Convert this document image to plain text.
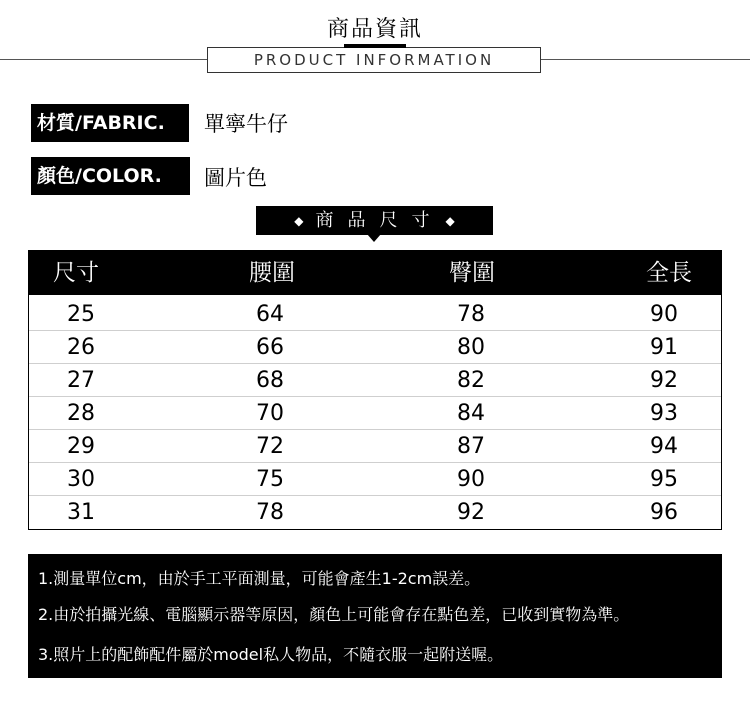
商品資訊
PRODUCT INFORMATION
材質/FABRIC.	單寧牛仔
顏色/COLOR.	圖片色
◆ 商品尺寸 ◆
尺寸	腰圍	臀圍	全長
25	64	78	90
26	66	80	91
27	68	82	92
28	70	84	93
29	72	87	94
30	75	90	95
31	78	92	96
1.測量單位cm，由於手工平面測量，可能會產生1-2cm誤差。
2.由於拍攝光線、電腦顯示器等原因，顏色上可能會存在點色差，已收到實物為準。
3.照片上的配飾配件屬於model私人物品，不隨衣服一起附送喔。
